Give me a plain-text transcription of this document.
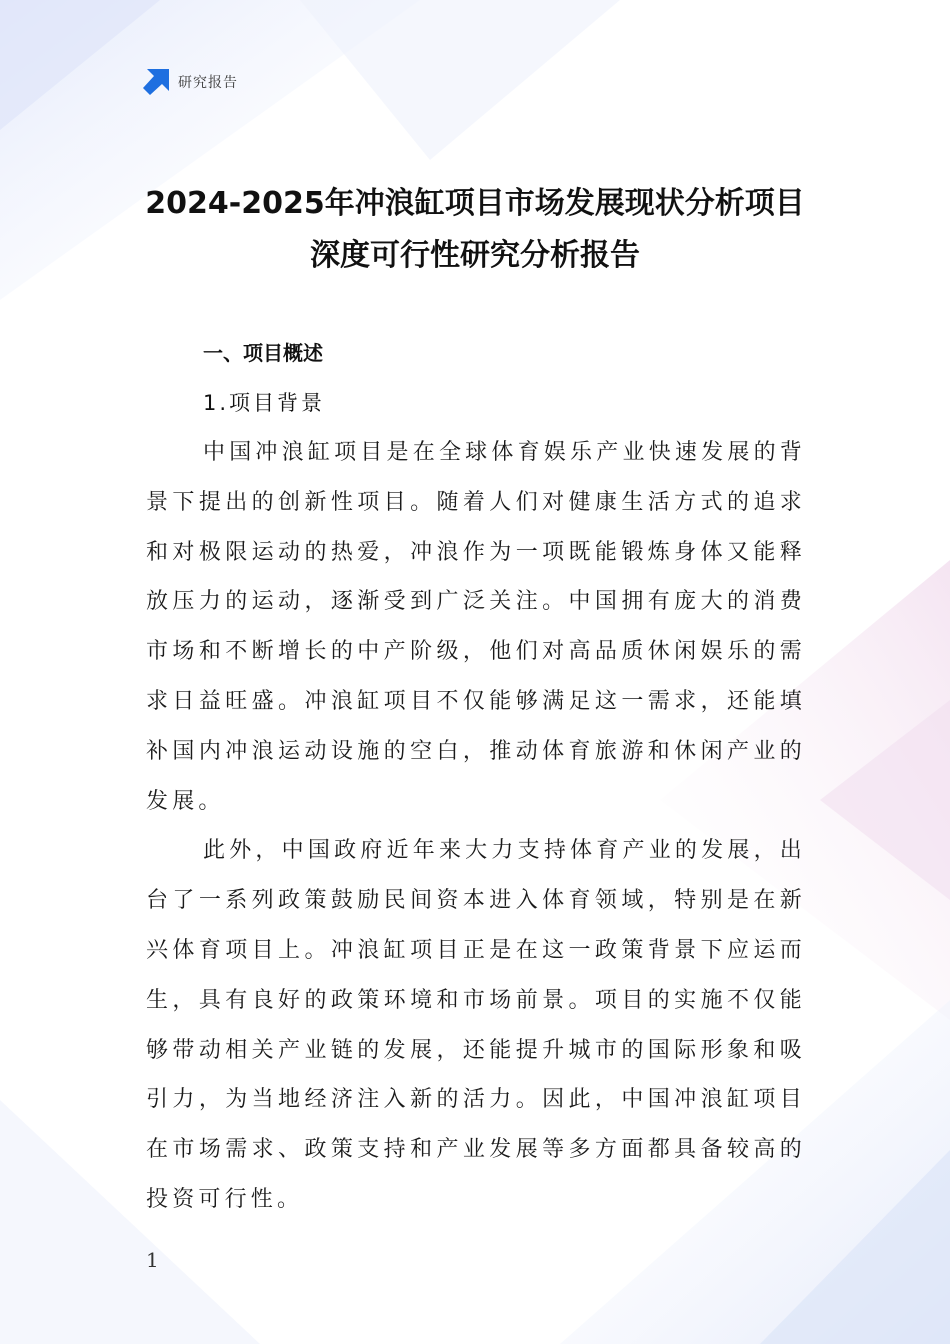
研究报告
2024-2025年冲浪缸项目市场发展现状分析项目
深度可行性研究分析报告
一、项目概述
1.项目背景

中国冲浪缸项目是在全球体育娱乐产业快速发展的背景下提出的创新性项目。随着人们对健康生活方式的追求和对极限运动的热爱，冲浪作为一项既能锻炼身体又能释放压力的运动，逐渐受到广泛关注。中国拥有庞大的消费市场和不断增长的中产阶级，他们对高品质休闲娱乐的需求日益旺盛。冲浪缸项目不仅能够满足这一需求，还能填补国内冲浪运动设施的空白，推动体育旅游和休闲产业的发展。

此外，中国政府近年来大力支持体育产业的发展，出台了一系列政策鼓励民间资本进入体育领域，特别是在新兴体育项目上。冲浪缸项目正是在这一政策背景下应运而生，具有良好的政策环境和市场前景。项目的实施不仅能够带动相关产业链的发展，还能提升城市的国际形象和吸引力，为当地经济注入新的活力。因此，中国冲浪缸项目在市场需求、政策支持和产业发展等多方面都具备较高的投资可行性。

1
